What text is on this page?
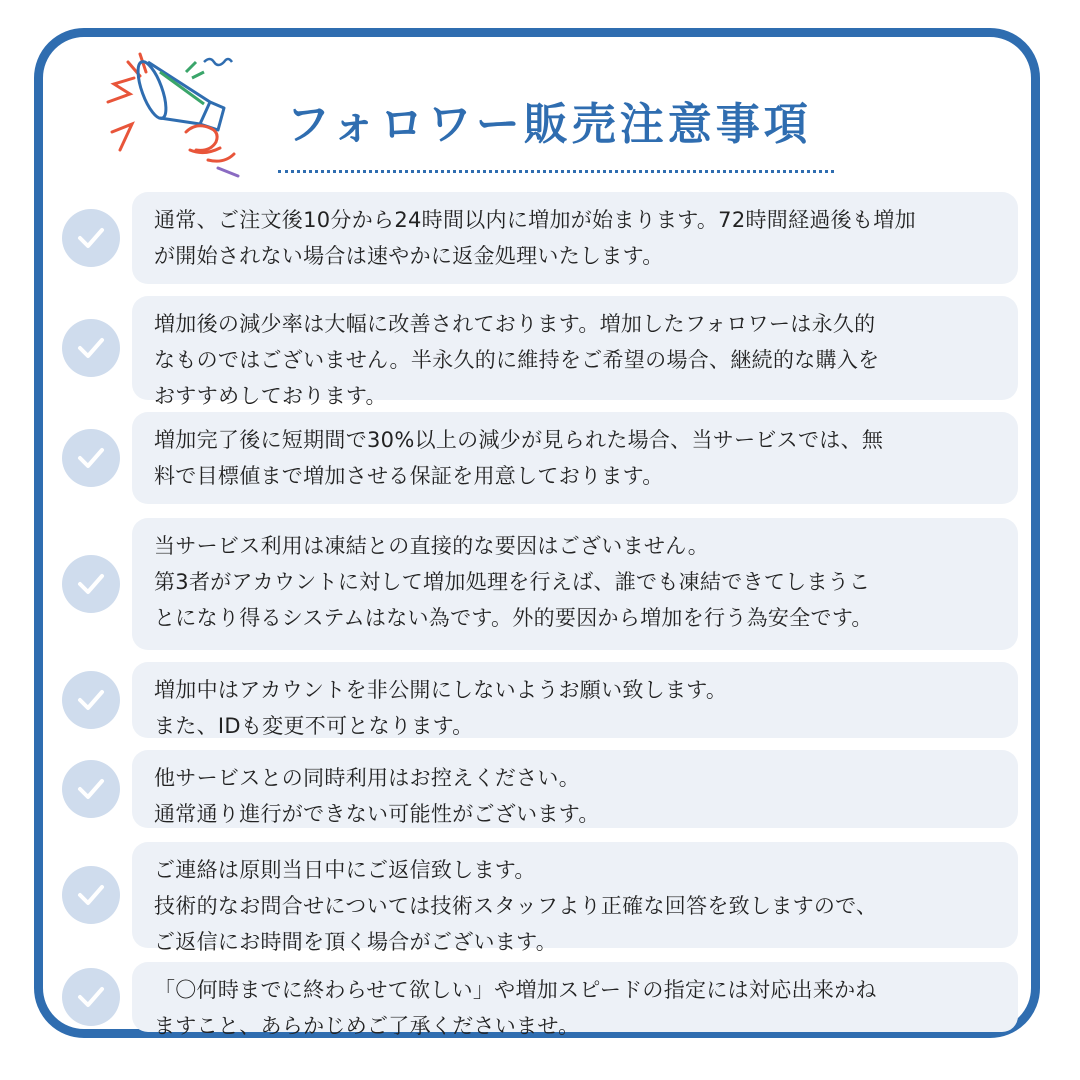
フォロワー販売注意事項
通常、ご注文後10分から24時間以内に増加が始まります。72時間経過後も増加
が開始されない場合は速やかに返金処理いたします。
増加後の減少率は大幅に改善されております。増加したフォロワーは永久的
なものではございません。半永久的に維持をご希望の場合、継続的な購入を
おすすめしております。
増加完了後に短期間で30%以上の減少が見られた場合、当サービスでは、無
料で目標値まで増加させる保証を用意しております。
当サービス利用は凍結との直接的な要因はございません。
第3者がアカウントに対して増加処理を行えば、誰でも凍結できてしまうこ
とになり得るシステムはない為です。外的要因から増加を行う為安全です。
増加中はアカウントを非公開にしないようお願い致します。
また、IDも変更不可となります。
他サービスとの同時利用はお控えください。
通常通り進行ができない可能性がございます。
ご連絡は原則当日中にご返信致します。
技術的なお問合せについては技術スタッフより正確な回答を致しますので、
ご返信にお時間を頂く場合がございます。
「〇何時までに終わらせて欲しい」や増加スピードの指定には対応出来かね
ますこと、あらかじめご了承くださいませ。
